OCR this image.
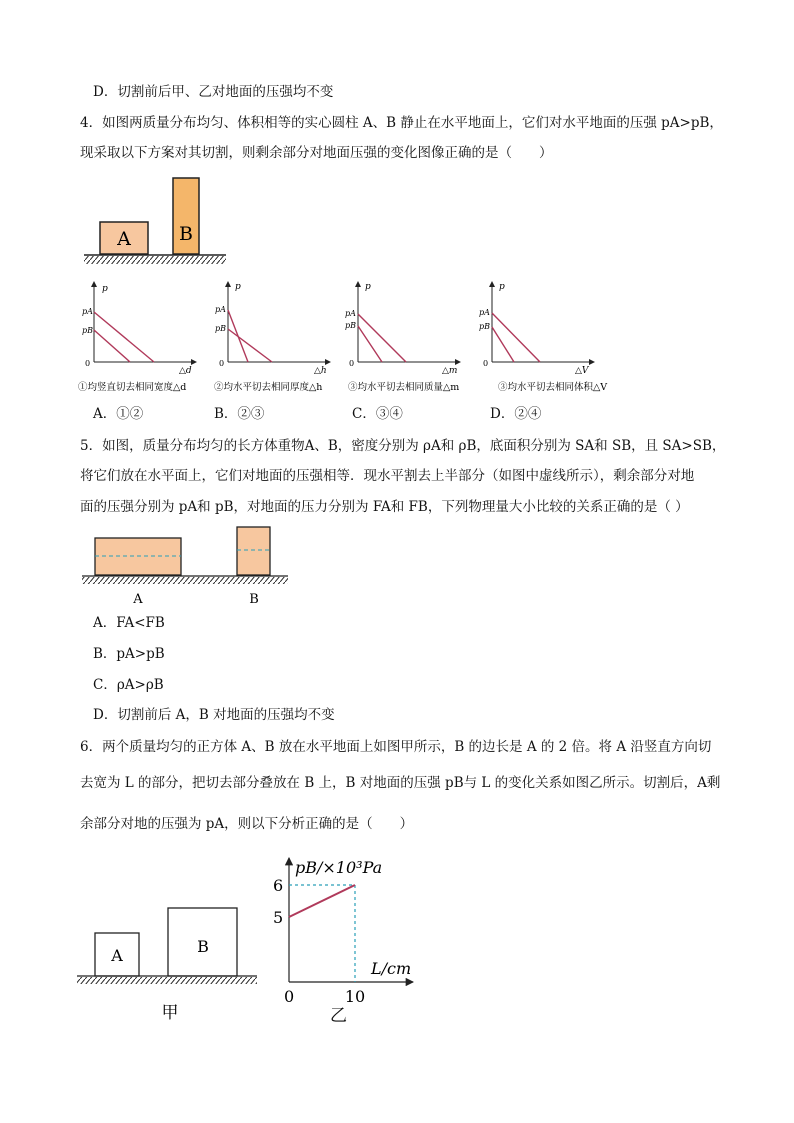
D．切割前后甲、乙对地面的压强均不变
4．如图两质量分布均匀、体积相等的实心圆柱 A、B 静止在水平地面上，它们对水平地面的压强 pA>pB，
现采取以下方案对其切割，则剩余部分对地面压强的变化图像正确的是（　　）
A	B
p
pA
pB
0
△d
①均竖直切去相同宽度△d
p
pA
pB
0
△h
②均水平切去相同厚度△h
p
pA
pB
0
△m
③均水平切去相同质量△m
p
pA
pB
0
△V
③均水平切去相同体积△V
A．①②	B．②③	C．③④	D．②④
5．如图，质量分布均匀的长方体重物A、B，密度分别为 ρA和 ρB，底面积分别为 SA和 SB，且 SA>SB，
将它们放在水平面上，它们对地面的压强相等．现水平割去上半部分（如图中虚线所示），剩余部分对地
面的压强分别为 pA和 pB，对地面的压力分别为 FA和 FB，下列物理量大小比较的关系正确的是（ ）
A	B
A．FA<FB
B．pA>pB
C．ρA>ρB
D．切割前后 A，B 对地面的压强均不变
6．两个质量均匀的正方体 A、B 放在水平地面上如图甲所示，B 的边长是 A 的 2 倍。将 A 沿竖直方向切
去宽为 L 的部分，把切去部分叠放在 B 上，B 对地面的压强 pB与 L 的变化关系如图乙所示。切割后，A剩
余部分对地的压强为 pA，则以下分析正确的是（　　）
A	B
甲
pB/×10³Pa
L/cm
6
5
0	10
乙
